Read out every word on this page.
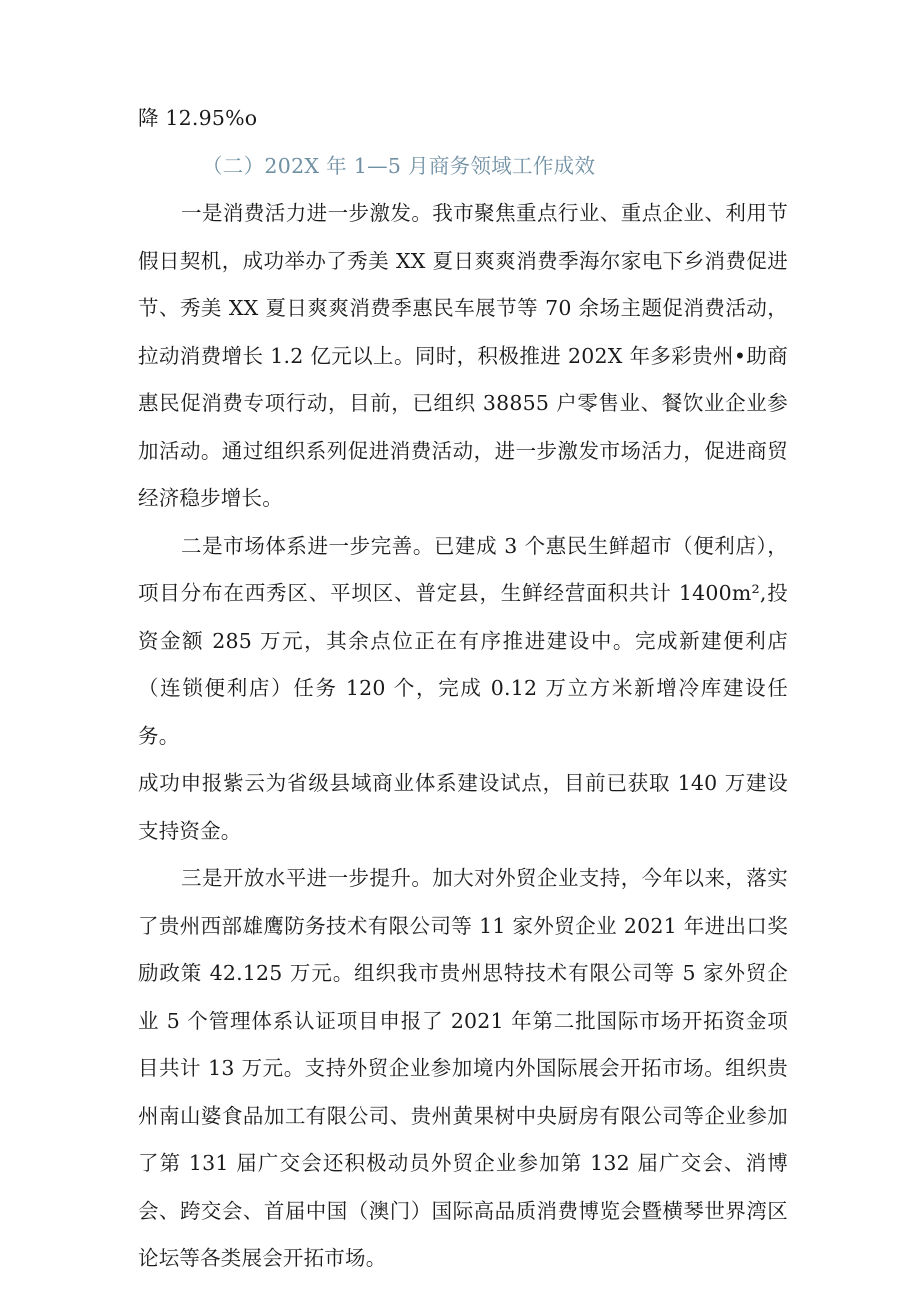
降 12.95%o

（二）202X 年 1—5 月商务领域工作成效

一是消费活力进一步激发。我市聚焦重点行业、重点企业、利用节假日契机，成功举办了秀美 XX 夏日爽爽消费季海尔家电下乡消费促进节、秀美 XX 夏日爽爽消费季惠民车展节等 70 余场主题促消费活动，拉动消费增长 1.2 亿元以上。同时，积极推进 202X 年多彩贵州•助商惠民促消费专项行动，目前，已组织 38855 户零售业、餐饮业企业参加活动。通过组织系列促进消费活动，进一步激发市场活力，促进商贸经济稳步增长。

二是市场体系进一步完善。已建成 3 个惠民生鲜超市（便利店），项目分布在西秀区、平坝区、普定县，生鲜经营面积共计 1400m²,投资金额 285 万元，其余点位正在有序推进建设中。完成新建便利店（连锁便利店）任务 120 个，完成 0.12 万立方米新增冷库建设任务。

成功申报紫云为省级县域商业体系建设试点，目前已获取 140 万建设支持资金。

三是开放水平进一步提升。加大对外贸企业支持，今年以来，落实了贵州西部雄鹰防务技术有限公司等 11 家外贸企业 2021 年进出口奖励政策 42.125 万元。组织我市贵州思特技术有限公司等 5 家外贸企业 5 个管理体系认证项目申报了 2021 年第二批国际市场开拓资金项目共计 13 万元。支持外贸企业参加境内外国际展会开拓市场。组织贵州南山婆食品加工有限公司、贵州黄果树中央厨房有限公司等企业参加了第 131 届广交会还积极动员外贸企业参加第 132 届广交会、消博会、跨交会、首届中国（澳门）国际高品质消费博览会暨横琴世界湾区论坛等各类展会开拓市场。
